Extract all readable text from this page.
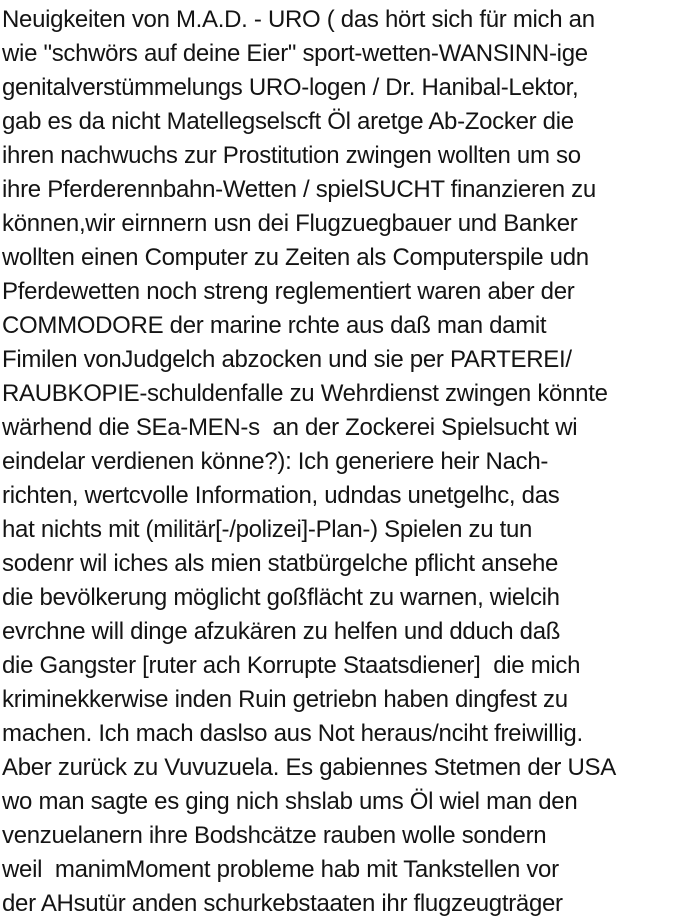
Neuigkeiten von M.A.D. - URO ( das hört sich für mich an
wie "schwörs auf deine Eier" sport-wetten-WANSINN-ige
genitalverstümmelungs URO-logen / Dr. Hanibal-Lektor,
gab es da nicht Matellegselscft Öl aretge Ab-Zocker die
ihren nachwuchs zur Prostitution zwingen wollten um so
ihre Pferderennbahn-Wetten / spielSUCHT finanzieren zu
können,wir eirnnern usn dei Flugzuegbauer und Banker
wollten einen Computer zu Zeiten als Computerspile udn
Pferdewetten noch streng reglementiert waren aber der
COMMODORE der marine rchte aus daß man damit
Fimilen vonJudgelch abzocken und sie per PARTEREI/
RAUBKOPIE-schuldenfalle zu Wehrdienst zwingen könnte
wärhend die SEa-MEN-s  an der Zockerei Spielsucht wi
eindelar verdienen könne?): Ich generiere heir Nach-
richten, wertcvolle Information, udndas unetgelhc, das
hat nichts mit (militär[-/polizei]-Plan-) Spielen zu tun
sodenr wil iches als mien statbürgelche pflicht ansehe
die bevölkerung möglicht goßflächt zu warnen, wielcih
evrchne will dinge afzukären zu helfen und dduch daß
die Gangster [ruter ach Korrupte Staatsdiener]  die mich
kriminekkerwise inden Ruin getriebn haben dingfest zu
machen. Ich mach daslso aus Not heraus/nciht freiwillig.
Aber zurück zu Vuvuzuela. Es gabiennes Stetmen der USA
wo man sagte es ging nich shslab ums Öl wiel man den
venzuelanern ihre Bodshcätze rauben wolle sondern
weil  manimMoment probleme hab mit Tankstellen vor
der AHsutür anden schurkebstaaten ihr flugzeugträger
